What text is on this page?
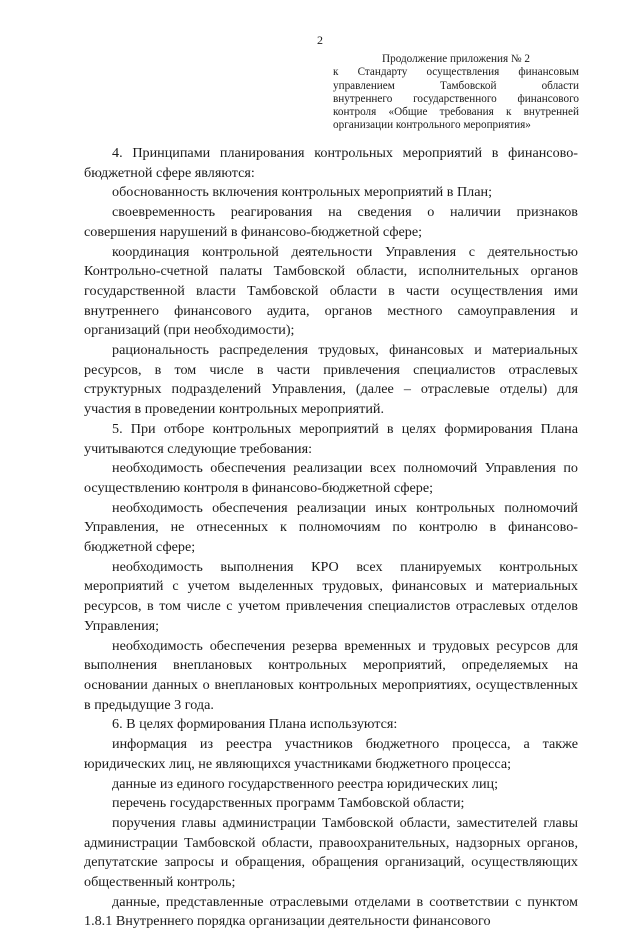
2
Продолжение приложения № 2
к Стандарту осуществления финансовым
управлением Тамбовской области
внутреннего государственного финансового
контроля «Общие требования к внутренней
организации контрольного мероприятия»

4. Принципами планирования контрольных мероприятий в финансово-бюджетной сфере являются:

обоснованность включения контрольных мероприятий в План;

своевременность реагирования на сведения о наличии признаков совершения нарушений в финансово-бюджетной сфере;

координация контрольной деятельности Управления с деятельностью Контрольно-счетной палаты Тамбовской области, исполнительных органов государственной власти Тамбовской области в части осуществления ими внутреннего финансового аудита, органов местного самоуправления и организаций (при необходимости);

рациональность распределения трудовых, финансовых и материальных ресурсов, в том числе в части привлечения специалистов отраслевых структурных подразделений Управления, (далее – отраслевые отделы) для участия в проведении контрольных мероприятий.

5. При отборе контрольных мероприятий в целях формирования Плана учитываются следующие требования:

необходимость обеспечения реализации всех полномочий Управления по осуществлению контроля в финансово-бюджетной сфере;

необходимость обеспечения реализации иных контрольных полномочий Управления, не отнесенных к полномочиям по контролю в финансово-бюджетной сфере;

необходимость выполнения КРО всех планируемых контрольных мероприятий с учетом выделенных трудовых, финансовых и материальных ресурсов, в том числе с учетом привлечения специалистов отраслевых отделов Управления;

необходимость обеспечения резерва временных и трудовых ресурсов для выполнения внеплановых контрольных мероприятий, определяемых на основании данных о внеплановых контрольных мероприятиях, осуществленных в предыдущие 3 года.

6. В целях формирования Плана используются:

информация из реестра участников бюджетного процесса, а также юридических лиц, не являющихся участниками бюджетного процесса;

данные из единого государственного реестра юридических лиц;

перечень государственных программ Тамбовской области;

поручения главы администрации Тамбовской области, заместителей главы администрации Тамбовской области, правоохранительных, надзорных органов, депутатские запросы и обращения, обращения организаций, осуществляющих общественный контроль;

данные, представленные отраслевыми отделами в соответствии с пунктом 1.8.1 Внутреннего порядка организации деятельности финансового
